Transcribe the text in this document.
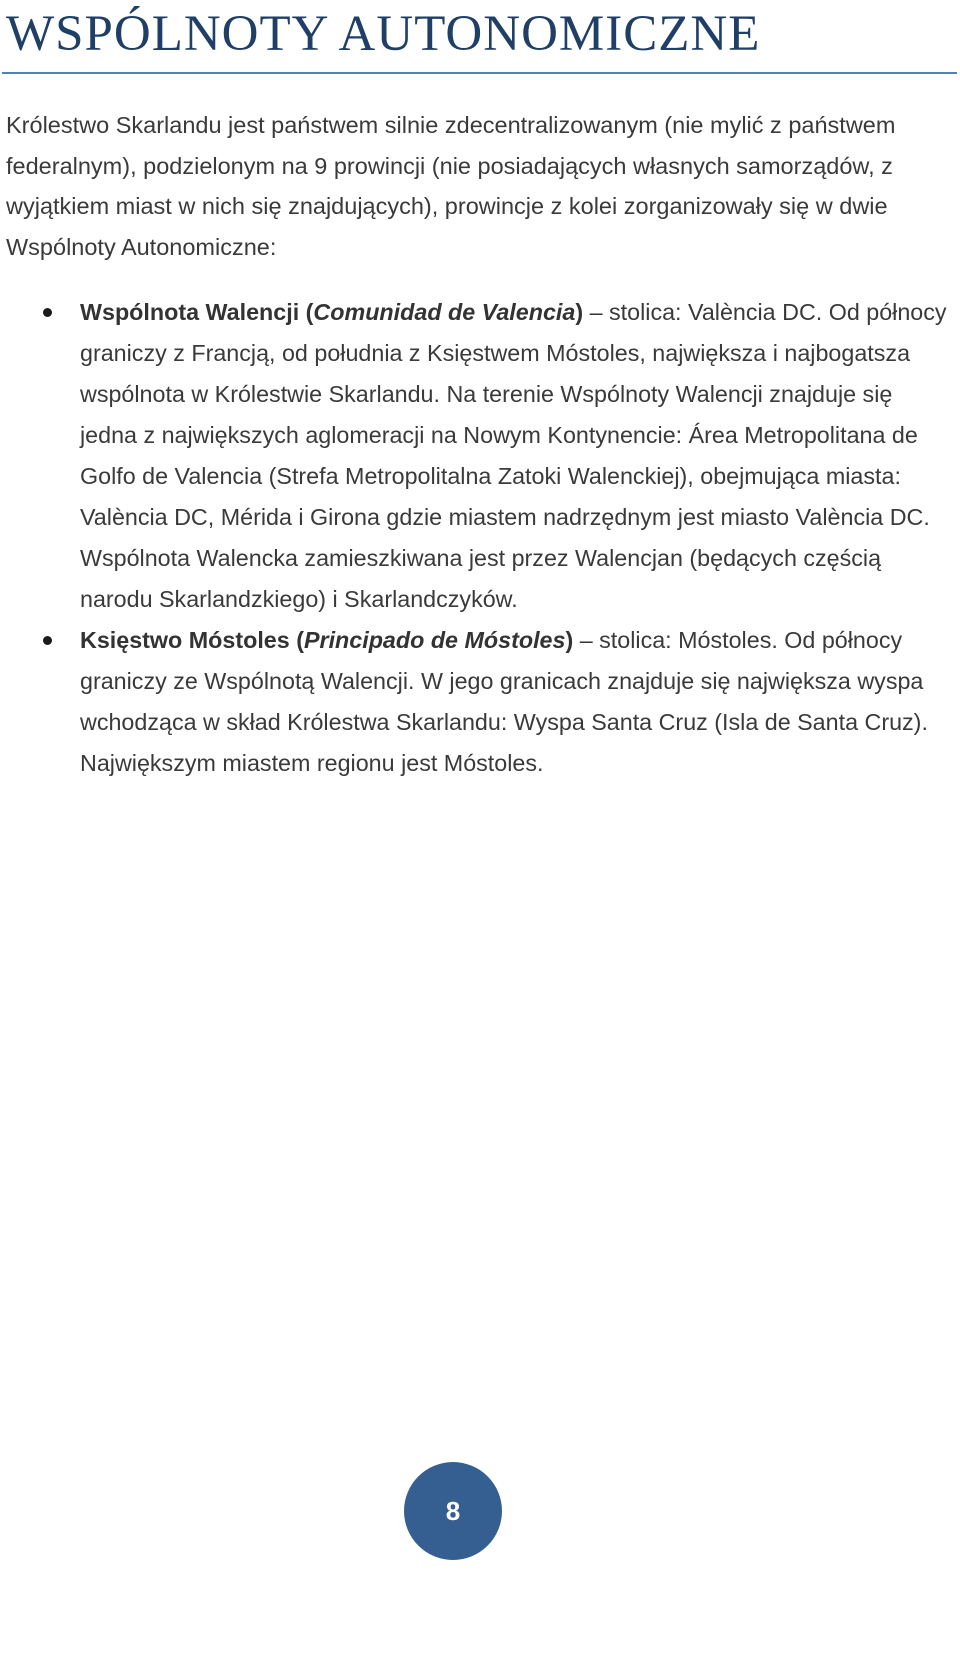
WSPÓLNOTY AUTONOMICZNE

Królestwo Skarlandu jest państwem silnie zdecentralizowanym (nie mylić z państwem federalnym), podzielonym na 9 prowincji (nie posiadających własnych samorządów, z wyjątkiem miast w nich się znajdujących), prowincje z kolei zorganizowały się w dwie Wspólnoty Autonomiczne:

Wspólnota Walencji (Comunidad de Valencia) – stolica: València DC. Od północy graniczy z Francją, od południa z Księstwem Móstoles, największa i najbogatsza wspólnota w Królestwie Skarlandu. Na terenie Wspólnoty Walencji znajduje się jedna z największych aglomeracji na Nowym Kontynencie: Área Metropolitana de Golfo de Valencia (Strefa Metropolitalna Zatoki Walenckiej), obejmująca miasta: València DC, Mérida i Girona gdzie miastem nadrzędnym jest miasto València DC. Wspólnota Walencka zamieszkiwana jest przez Walencjan (będących częścią narodu Skarlandzkiego) i Skarlandczyków.
Księstwo Móstoles (Principado de Móstoles) – stolica: Móstoles. Od północy graniczy ze Wspólnotą Walencji. W jego granicach znajduje się największa wyspa wchodząca w skład Królestwa Skarlandu: Wyspa Santa Cruz (Isla de Santa Cruz). Największym miastem regionu jest Móstoles.
8
